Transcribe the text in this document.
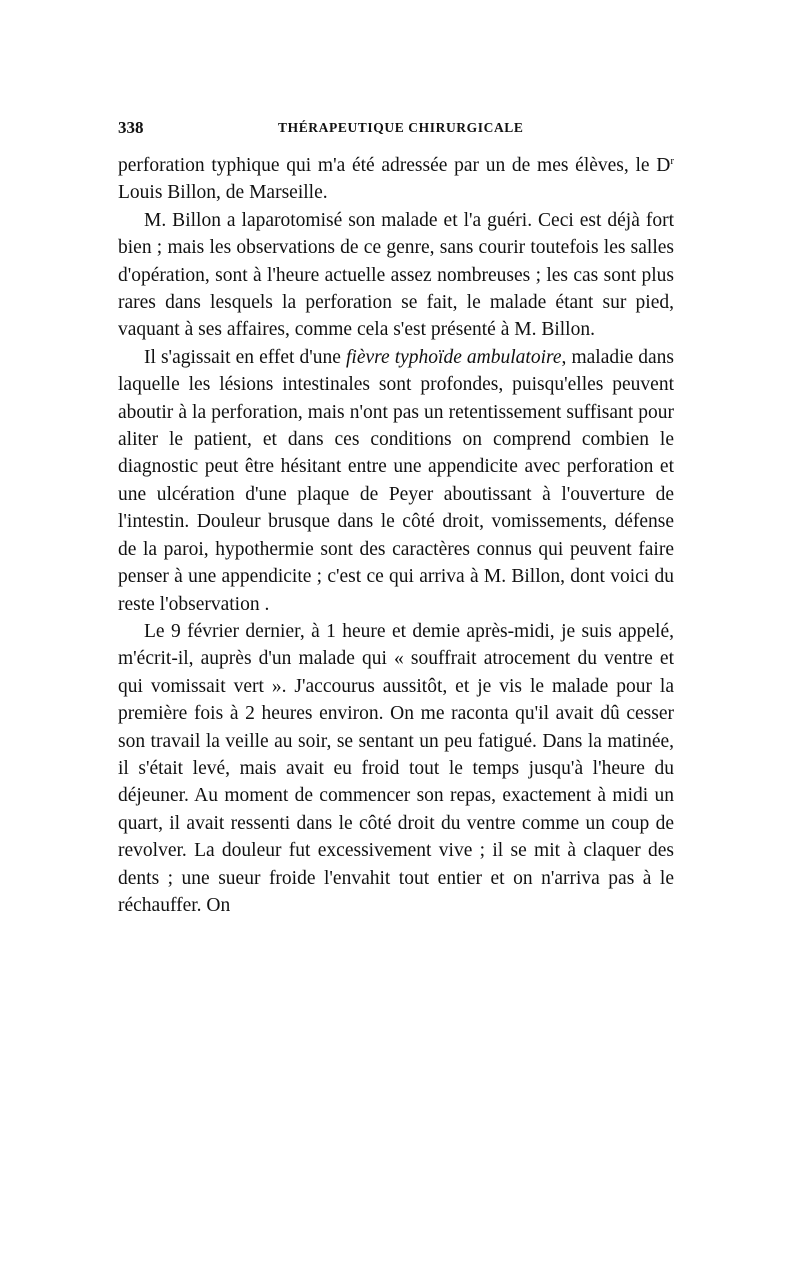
338	THÉRAPEUTIQUE CHIRURGICALE

perforation typhique qui m'a été adressée par un de mes élèves, le $D^r$ Louis Billon, de Marseille.

M. Billon a laparotomisé son malade et l'a guéri. Ceci est déjà fort bien ; mais les observations de ce genre, sans courir toutefois les salles d'opération, sont à l'heure actuelle assez nombreuses ; les cas sont plus rares dans lesquels la perforation se fait, le malade étant sur pied, vaquant à ses affaires, comme cela s'est présenté à M. Billon.

Il s'agissait en effet d'une fièvre typhoïde ambulatoire, maladie dans laquelle les lésions intestinales sont profondes, puisqu'elles peuvent aboutir à la perforation, mais n'ont pas un retentissement suffisant pour aliter le patient, et dans ces conditions on comprend combien le diagnostic peut être hésitant entre une appendicite avec perforation et une ulcération d'une plaque de Peyer aboutissant à l'ouverture de l'intestin. Douleur brusque dans le côté droit, vomissements, défense de la paroi, hypothermie sont des caractères connus qui peuvent faire penser à une appendicite ; c'est ce qui arriva à M. Billon, dont voici du reste l'observation .

Le 9 février dernier, à 1 heure et demie après-midi, je suis appelé, m'écrit-il, auprès d'un malade qui « souffrait atrocement du ventre et qui vomissait vert ». J'accourus aussitôt, et je vis le malade pour la première fois à 2 heures environ. On me raconta qu'il avait dû cesser son travail la veille au soir, se sentant un peu fatigué. Dans la matinée, il s'était levé, mais avait eu froid tout le temps jusqu'à l'heure du déjeuner. Au moment de commencer son repas, exactement à midi un quart, il avait ressenti dans le côté droit du ventre comme un coup de revolver. La douleur fut excessivement vive ; il se mit à claquer des dents ; une sueur froide l'envahit tout entier et on n'arriva pas à le réchauffer. On
